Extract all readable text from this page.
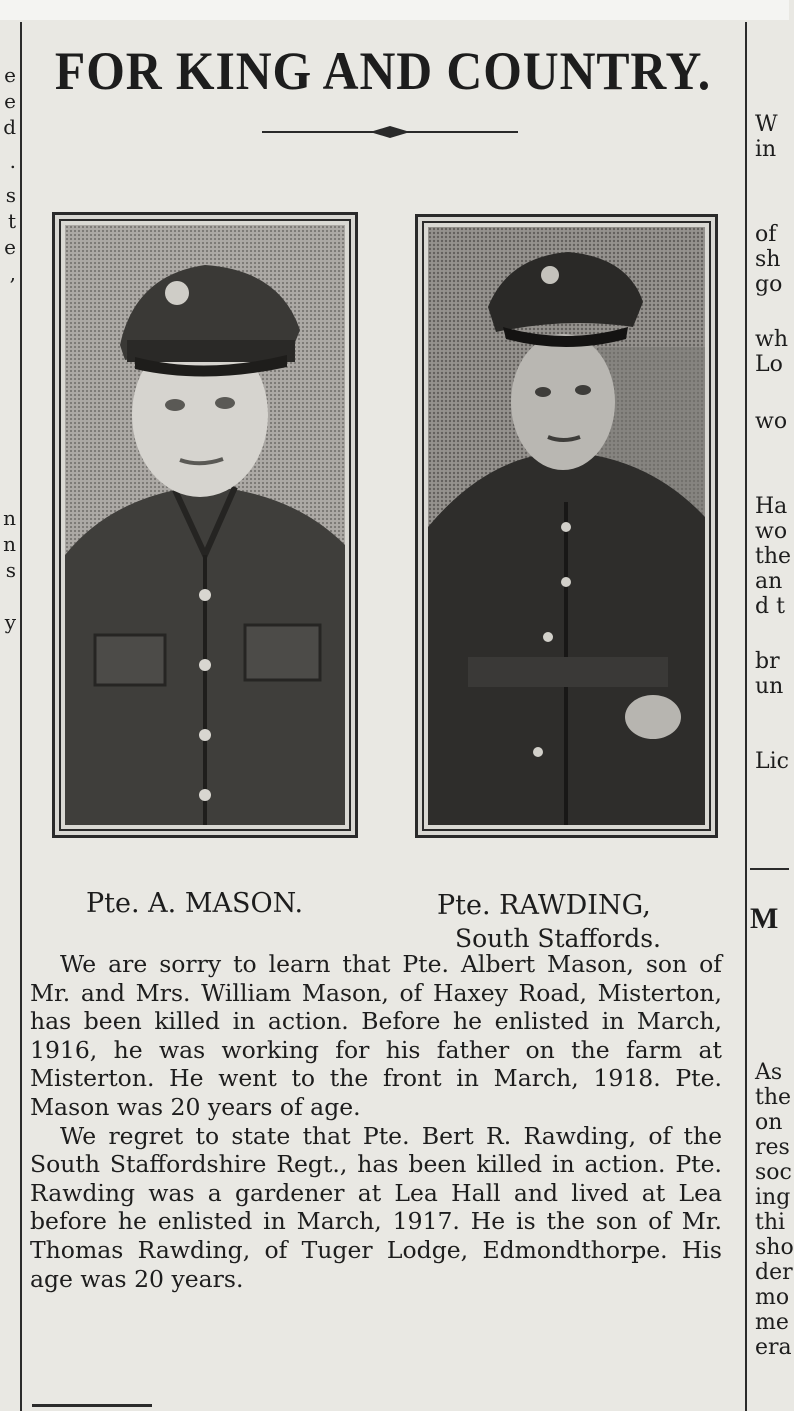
e
e
d
.
s
t
e
,
n
n
s
y
W
in
of
sh
go
wh
Lo
wo
Ha
wo
the
an
d t
br
un
Lic
M
As
the
on
res
soc
ing
thi
sho
der
mo
me
era
FOR KING AND COUNTRY.
Pte. A. MASON.	Pte. RAWDING,
South Staffords.

We are sorry to learn that Pte. Albert Mason, son of Mr. and Mrs. William Mason, of Haxey Road, Misterton, has been killed in action. Before he enlisted in March, 1916, he was working for his father on the farm at Misterton. He went to the front in March, 1918. Pte. Mason was 20 years of age.

We regret to state that Pte. Bert R. Rawding, of the South Staffordshire Regt., has been killed in action. Pte. Rawding was a gardener at Lea Hall and lived at Lea before he enlisted in March, 1917. He is the son of Mr. Thomas Rawding, of Tuger Lodge, Edmondthorpe. His age was 20 years.
